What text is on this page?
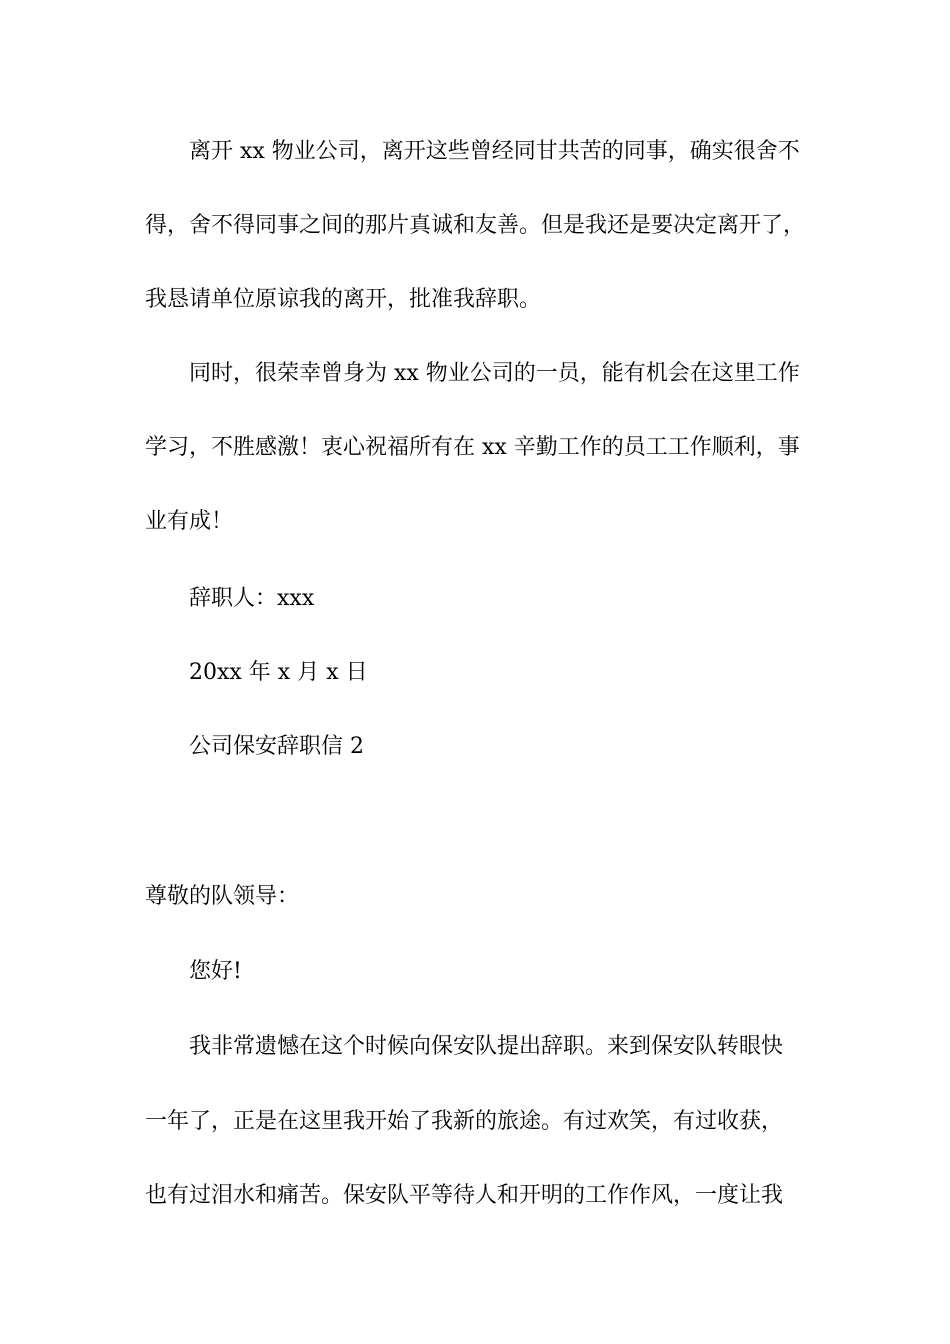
离开 xx 物业公司，离开这些曾经同甘共苦的同事，确实很舍不
得，舍不得同事之间的那片真诚和友善。但是我还是要决定离开了，
我恳请单位原谅我的离开，批准我辞职。
同时，很荣幸曾身为 xx 物业公司的一员，能有机会在这里工作
学习，不胜感激！衷心祝福所有在 xx 辛勤工作的员工工作顺利，事
业有成！
辞职人：xxx
20xx 年 x 月 x 日
公司保安辞职信 2
尊敬的队领导：
您好!
我非常遗憾在这个时候向保安队提出辞职。来到保安队转眼快
一年了，正是在这里我开始了我新的旅途。有过欢笑，有过收获，
也有过泪水和痛苦。保安队平等待人和开明的工作作风，一度让我
